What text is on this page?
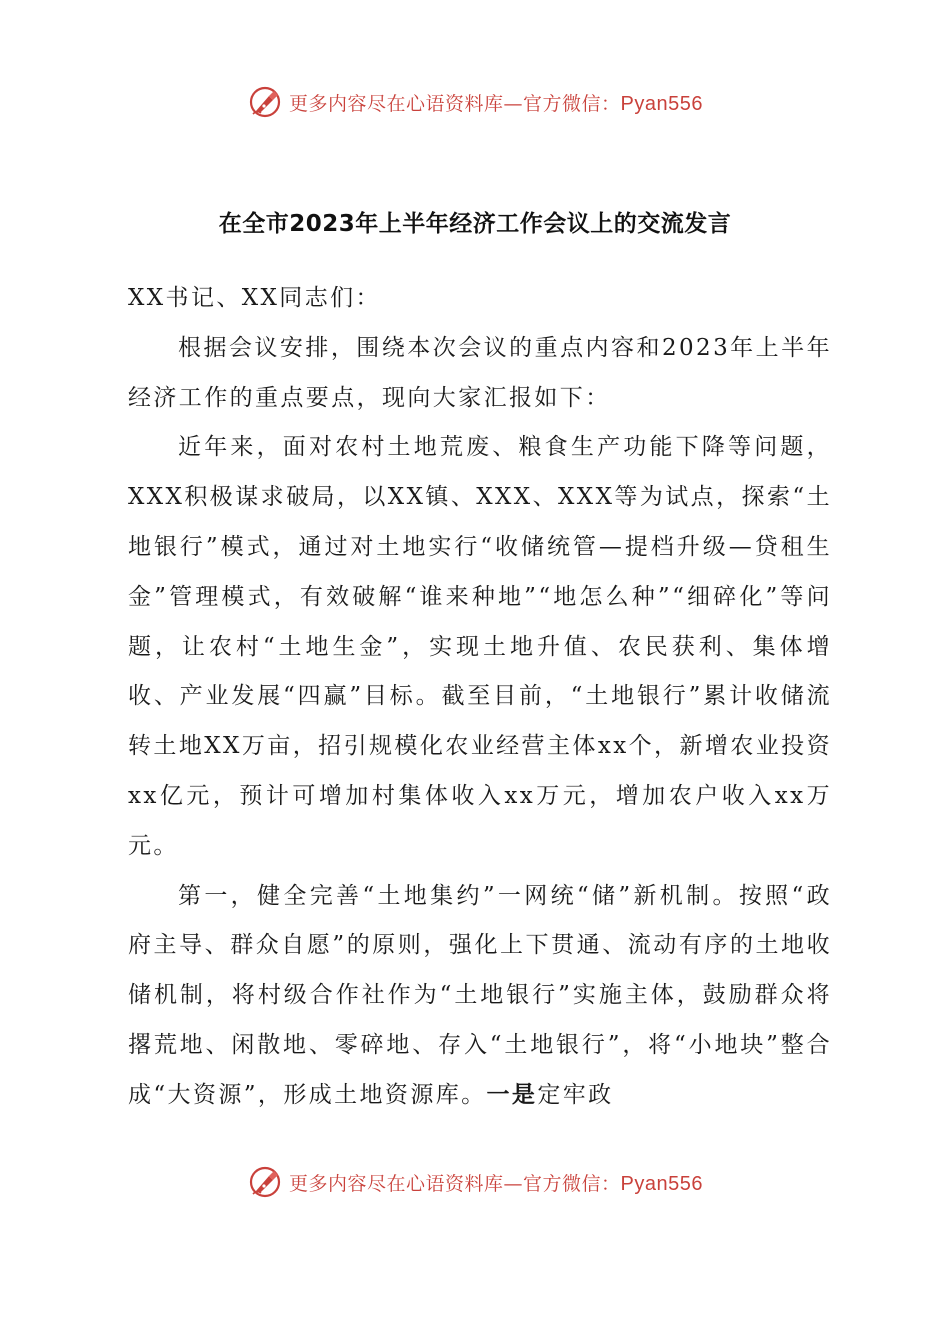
更多内容尽在心语资料库—官方微信：Pyan556
在全市2023年上半年经济工作会议上的交流发言

XX书记、XX同志们：

根据会议安排，围绕本次会议的重点内容和2023年上半年经济工作的重点要点，现向大家汇报如下：

近年来，面对农村土地荒废、粮食生产功能下降等问题，XXX积极谋求破局，以XX镇、XXX、XXX等为试点，探索“土地银行”模式，通过对土地实行“收储统管—提档升级—贷租生金”管理模式，有效破解“谁来种地”“地怎么种”“细碎化”等问题，让农村“土地生金”，实现土地升值、农民获利、集体增收、产业发展“四赢”目标。截至目前，“土地银行”累计收储流转土地XX万亩，招引规模化农业经营主体xx个，新增农业投资xx亿元，预计可增加村集体收入xx万元，增加农户收入xx万元。

第一，健全完善“土地集约”一网统“储”新机制。按照“政府主导、群众自愿”的原则，强化上下贯通、流动有序的土地收储机制，将村级合作社作为“土地银行”实施主体，鼓励群众将撂荒地、闲散地、零碎地、存入“土地银行”，将“小地块”整合成“大资源”，形成土地资源库。一是定牢政

更多内容尽在心语资料库—官方微信：Pyan556
